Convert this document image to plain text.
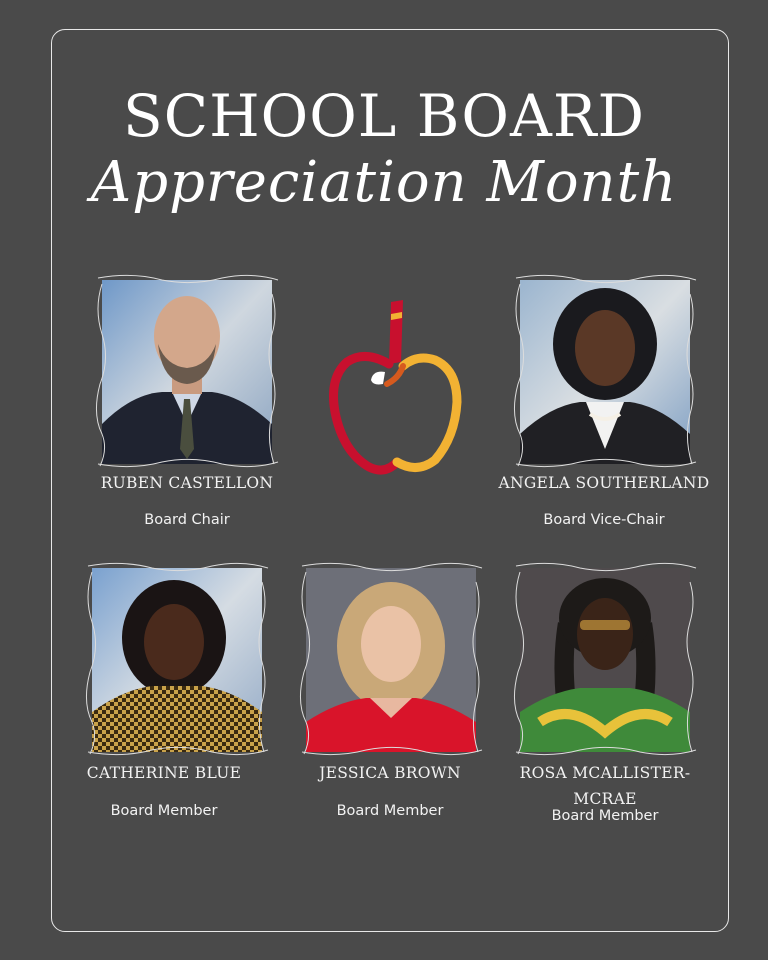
SCHOOL BOARD
Appreciation Month
RUBEN CASTELLON
Board Chair
ANGELA SOUTHERLAND
Board Vice-Chair
CATHERINE BLUE
Board Member
JESSICA BROWN
Board Member
ROSA MCALLISTER-MCRAE
Board Member
